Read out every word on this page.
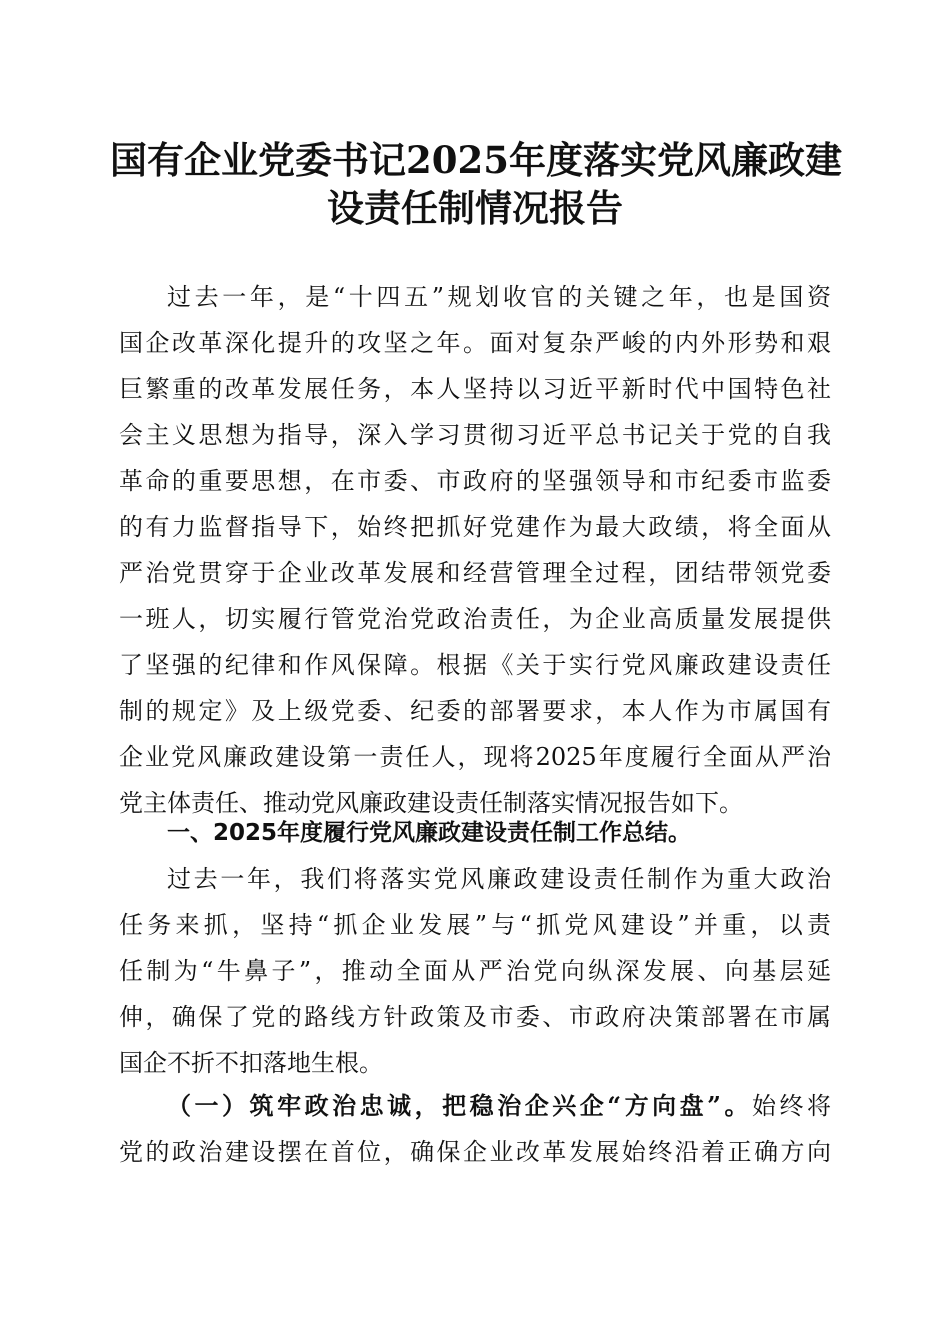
国有企业党委书记2025年度落实党风廉政建
设责任制情况报告
过去一年，是“十四五”规划收官的关键之年，也是国资
国企改革深化提升的攻坚之年。面对复杂严峻的内外形势和艰
巨繁重的改革发展任务，本人坚持以习近平新时代中国特色社
会主义思想为指导，深入学习贯彻习近平总书记关于党的自我
革命的重要思想，在市委、市政府的坚强领导和市纪委市监委
的有力监督指导下，始终把抓好党建作为最大政绩，将全面从
严治党贯穿于企业改革发展和经营管理全过程，团结带领党委
一班人，切实履行管党治党政治责任，为企业高质量发展提供
了坚强的纪律和作风保障。根据《关于实行党风廉政建设责任
制的规定》及上级党委、纪委的部署要求，本人作为市属国有
企业党风廉政建设第一责任人，现将2025年度履行全面从严治
党主体责任、推动党风廉政建设责任制落实情况报告如下。
一、2025年度履行党风廉政建设责任制工作总结。
过去一年，我们将落实党风廉政建设责任制作为重大政治
任务来抓，坚持“抓企业发展”与“抓党风建设”并重，以责
任制为“牛鼻子”，推动全面从严治党向纵深发展、向基层延
伸，确保了党的路线方针政策及市委、市政府决策部署在市属
国企不折不扣落地生根。
（一）筑牢政治忠诚，把稳治企兴企“方向盘”。始终将
党的政治建设摆在首位，确保企业改革发展始终沿着正确方向
